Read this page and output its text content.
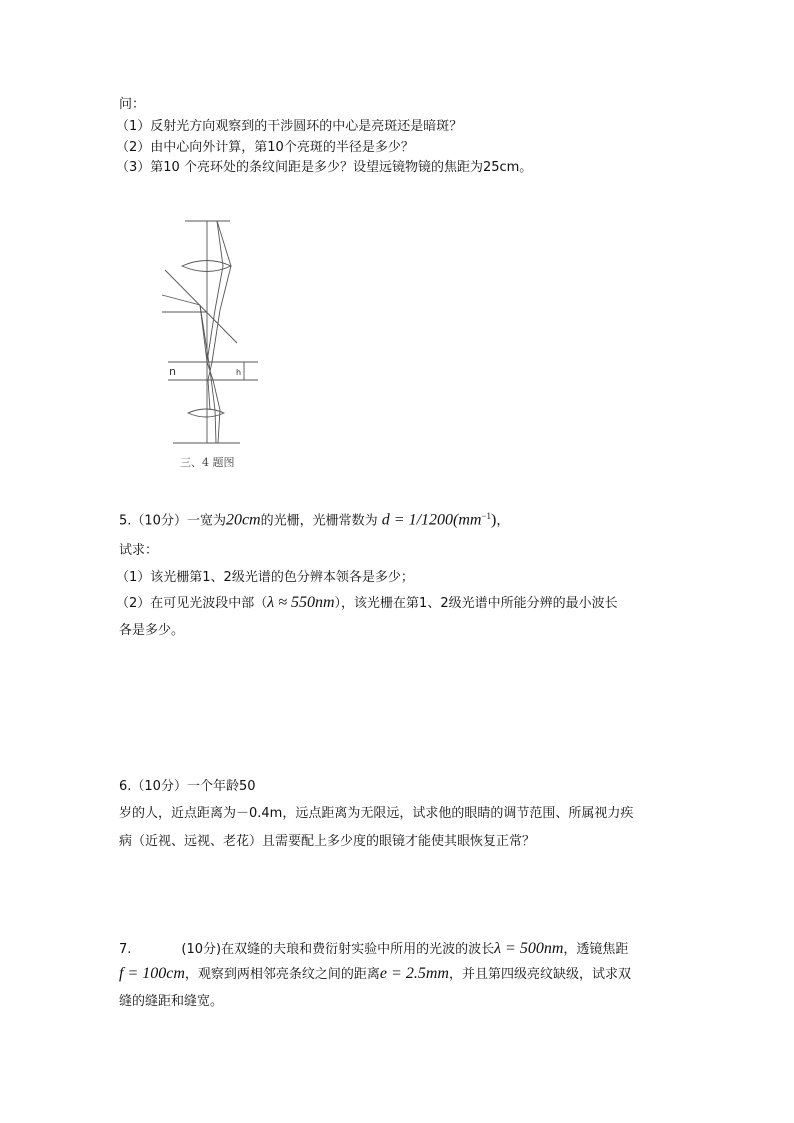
问：
（1）反射光方向观察到的干涉圆环的中心是亮斑还是暗斑？
（2）由中心向外计算，第10个亮斑的半径是多少？
（3）第10 个亮环处的条纹间距是多少？设望远镜物镜的焦距为25cm。
n	h
三、4 题图
5.（10分）一宽为20cm的光栅，光栅常数为 $d = 1/1200(mm^{-1})$，
试求：
（1）该光栅第1、2级光谱的色分辨本领各是多少；
（2）在可见光波段中部（λ ≈ 550nm），该光栅在第1、2级光谱中所能分辨的最小波长
各是多少。
6.（10分）一个年龄50
岁的人，近点距离为－0.4m，远点距离为无限远，试求他的眼睛的调节范围、所属视力疾
病（近视、远视、老花）且需要配上多少度的眼镜才能使其眼恢复正常？
7.	(10分)在双缝的夫琅和费衍射实验中所用的光波的波长λ = 500nm，透镜焦距
f = 100cm，观察到两相邻亮条纹之间的距离e = 2.5mm，并且第四级亮纹缺级，试求双
缝的缝距和缝宽。
